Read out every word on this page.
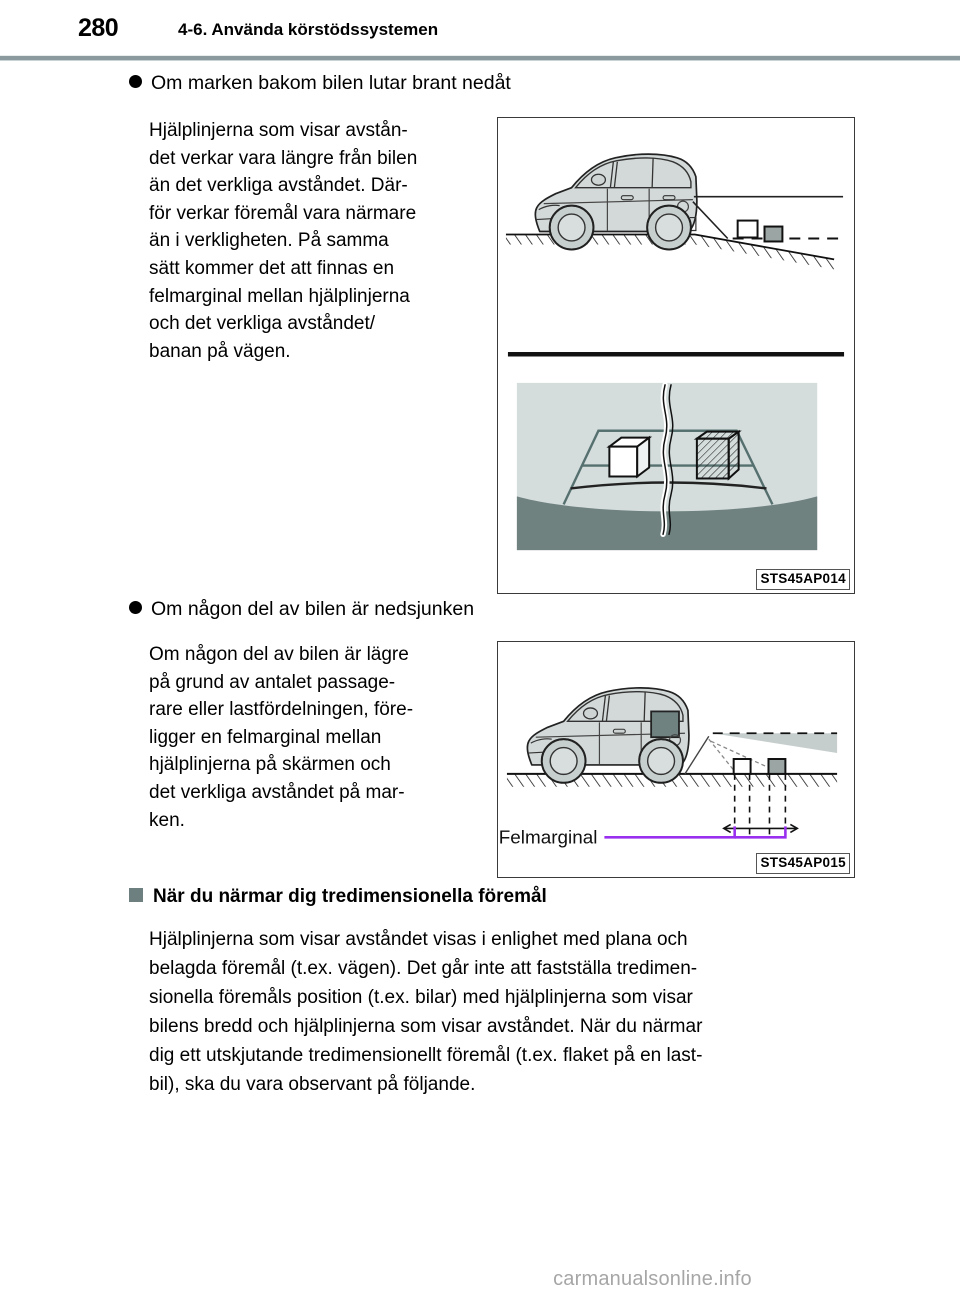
280	4-6. Använda körstödssystemen
Om marken bakom bilen lutar brant nedåt

Hjälplinjerna som visar avstån-

det verkar vara längre från bilen

än det verkliga avståndet. Där-

för verkar föremål vara närmare

än i verkligheten. På samma

sätt kommer det att finnas en

felmarginal mellan hjälplinjerna

och det verkliga avståndet/

banan på vägen.

STS45AP014
Om någon del av bilen är nedsjunken

Om någon del av bilen är lägre

på grund av antalet passage-

rare eller lastfördelningen, före-

ligger en felmarginal mellan

hjälplinjerna på skärmen och

det verkliga avståndet på mar-

ken.

Felmarginal
STS45AP015
När du närmar dig tredimensionella föremål

Hjälplinjerna som visar avståndet visas i enlighet med plana och

belagda föremål (t.ex. vägen). Det går inte att fastställa tredimen-

sionella föremåls position (t.ex. bilar) med hjälplinjerna som visar

bilens bredd och hjälplinjerna som visar avståndet. När du närmar

dig ett utskjutande tredimensionellt föremål (t.ex. flaket på en last-

bil), ska du vara observant på följande.

carmanualsonline.info
